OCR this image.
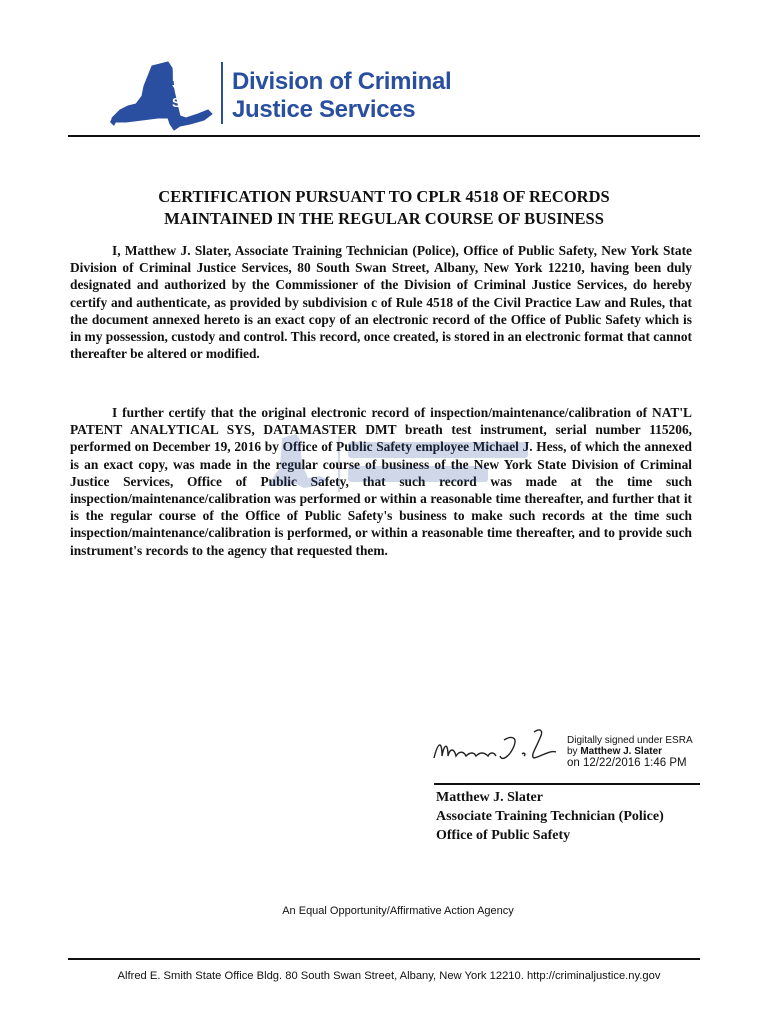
NEW
YORK
STATE
Division of Criminal
Justice Services
CERTIFICATION PURSUANT TO CPLR 4518 OF RECORDS
MAINTAINED IN THE REGULAR COURSE OF BUSINESS
I, Matthew J. Slater, Associate Training Technician (Police), Office of Public Safety, New York State Division of Criminal Justice Services, 80 South Swan Street, Albany, New York 12210, having been duly designated and authorized by the Commissioner of the Division of Criminal Justice Services, do hereby certify and authenticate, as provided by subdivision c of Rule 4518 of the Civil Practice Law and Rules, that the document annexed hereto is an exact copy of an electronic record of the Office of Public Safety which is in my possession, custody and control. This record, once created, is stored in an electronic format that cannot thereafter be altered or modified.
I further certify that the original electronic record of inspection/maintenance/calibration of NAT'L PATENT ANALYTICAL SYS, DATAMASTER DMT breath test instrument, serial number 115206, performed on December 19, 2016 by Office of Public Safety employee Michael J. Hess, of which the annexed is an exact copy, was made in the regular course of business of the New York State Division of Criminal Justice Services, Office of Public Safety, that such record was made at the time such inspection/maintenance/calibration was performed or within a reasonable time thereafter, and further that it is the regular course of the Office of Public Safety's business to make such records at the time such inspection/maintenance/calibration is performed, or within a reasonable time thereafter, and to provide such instrument's records to the agency that requested them.
Digitally signed under ESRA
by Matthew J. Slater
on 12/22/2016 1:46 PM
Matthew J. Slater
Associate Training Technician (Police)
Office of Public Safety
An Equal Opportunity/Affirmative Action Agency
Alfred E. Smith State Office Bldg. 80 South Swan Street, Albany, New York 12210. http://criminaljustice.ny.gov
